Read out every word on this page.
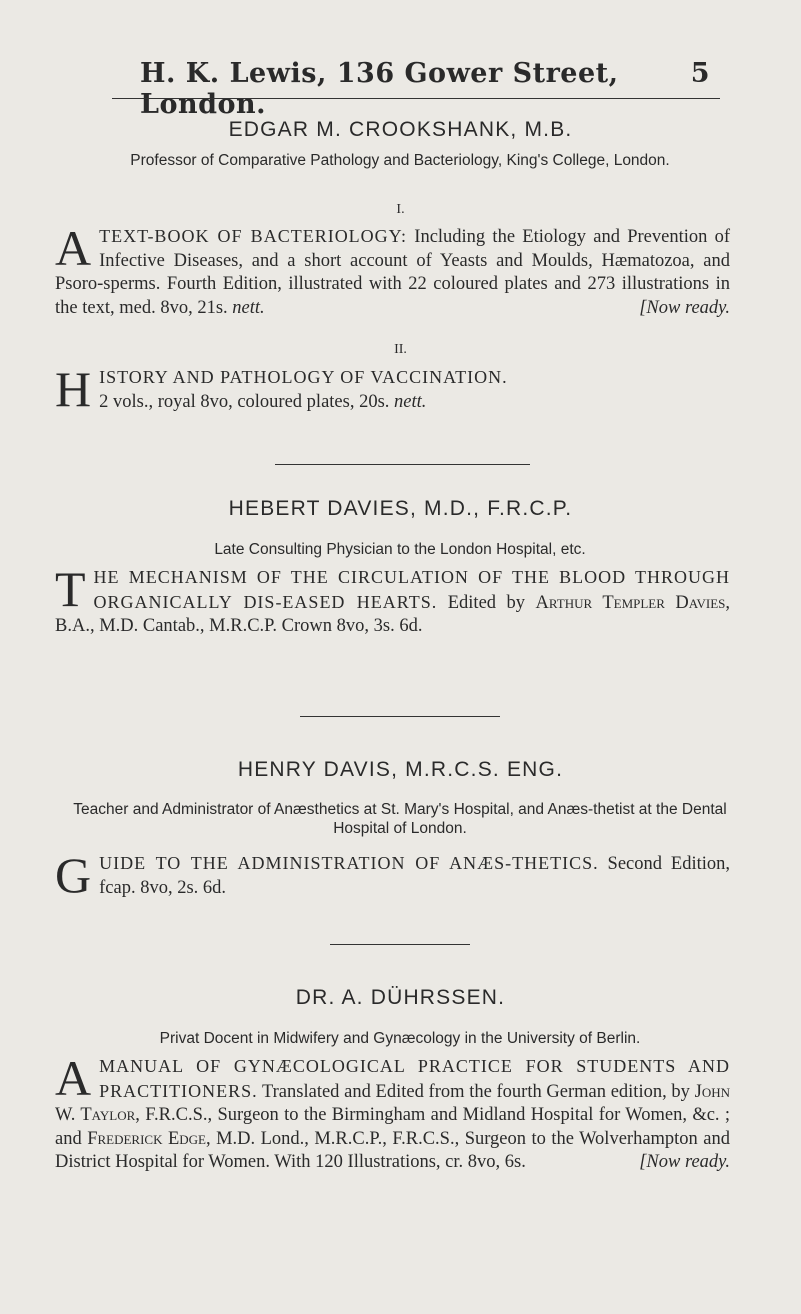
H. K. Lewis, 136 Gower Street, London.
5
EDGAR M. CROOKSHANK, M.B.
Professor of Comparative Pathology and Bacteriology, King's College, London.
I.
A TEXT-BOOK OF BACTERIOLOGY: Including the Etiology and Prevention of Infective Diseases, and a short account of Yeasts and Moulds, Hæmatozoa, and Psoro-sperms. Fourth Edition, illustrated with 22 coloured plates and 273 illustrations in the text, med. 8vo, 21s. nett.	[Now ready.
II.
H ISTORY AND PATHOLOGY OF VACCINATION.
2 vols., royal 8vo, coloured plates, 20s. nett.
HEBERT DAVIES, M.D., F.R.C.P.
Late Consulting Physician to the London Hospital, etc.
T HE MECHANISM OF THE CIRCULATION OF THE BLOOD THROUGH ORGANICALLY DIS-EASED HEARTS. Edited by Arthur Templer Davies, B.A., M.D. Cantab., M.R.C.P. Crown 8vo, 3s. 6d.
HENRY DAVIS, M.R.C.S. ENG.
Teacher and Administrator of Anæsthetics at St. Mary's Hospital, and Anæs-thetist at the Dental Hospital of London.
G UIDE TO THE ADMINISTRATION OF ANÆS-THETICS. Second Edition, fcap. 8vo, 2s. 6d.
DR. A. DÜHRSSEN.
Privat Docent in Midwifery and Gynæcology in the University of Berlin.
A MANUAL OF GYNÆCOLOGICAL PRACTICE FOR STUDENTS AND PRACTITIONERS. Translated and Edited from the fourth German edition, by John W. Taylor, F.R.C.S., Surgeon to the Birmingham and Midland Hospital for Women, &c. ; and Frederick Edge, M.D. Lond., M.R.C.P., F.R.C.S., Surgeon to the Wolverhampton and District Hospital for Women. With 120 Illustrations, cr. 8vo, 6s.	[Now ready.
